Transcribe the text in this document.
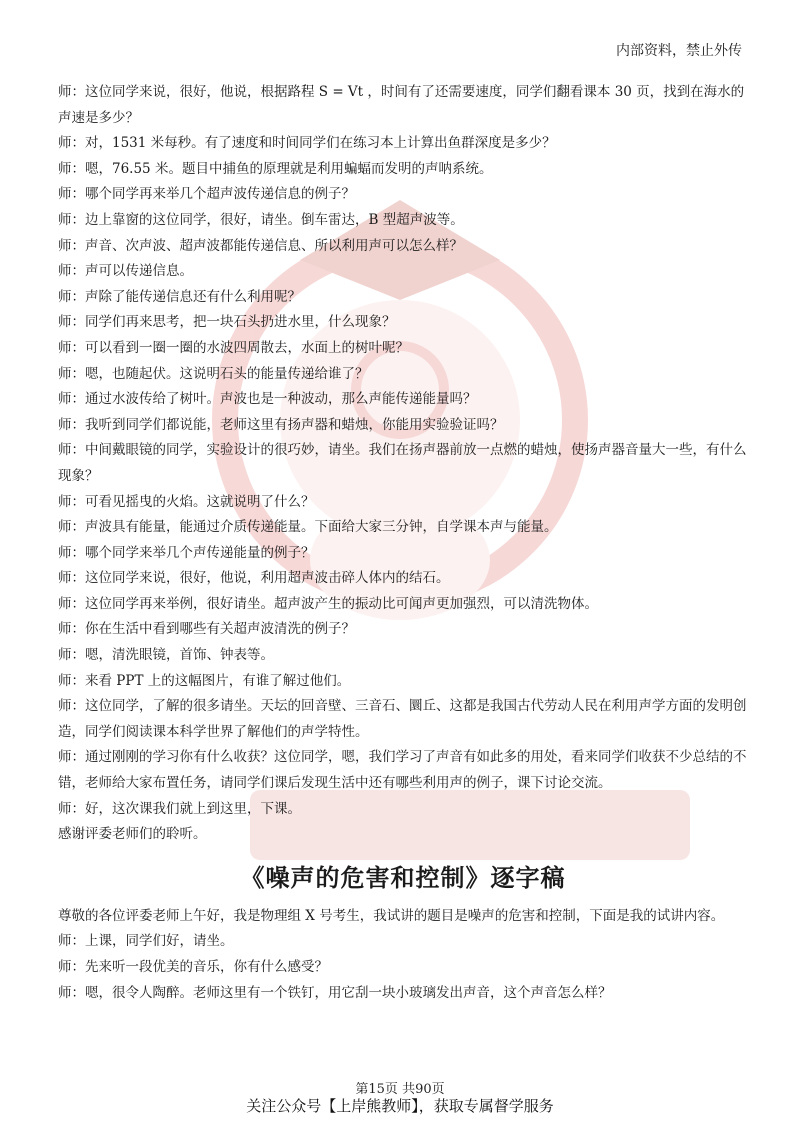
内部资料，禁止外传

师：这位同学来说，很好，他说，根据路程 S = Vt ，时间有了还需要速度，同学们翻看课本 30 页，找到在海水的声速是多少？

师：对，1531 米每秒。有了速度和时间同学们在练习本上计算出鱼群深度是多少？

师：嗯，76.55 米。题目中捕鱼的原理就是利用蝙蝠而发明的声呐系统。

师：哪个同学再来举几个超声波传递信息的例子？

师：边上靠窗的这位同学，很好，请坐。倒车雷达，B 型超声波等。

师：声音、次声波、超声波都能传递信息、所以利用声可以怎么样？

师：声可以传递信息。

师：声除了能传递信息还有什么利用呢？

师：同学们再来思考，把一块石头扔进水里，什么现象？

师：可以看到一圈一圈的水波四周散去，水面上的树叶呢？

师：嗯，也随起伏。这说明石头的能量传递给谁了？

师：通过水波传给了树叶。声波也是一种波动，那么声能传递能量吗？

师：我听到同学们都说能，老师这里有扬声器和蜡烛，你能用实验验证吗？

师：中间戴眼镜的同学，实验设计的很巧妙，请坐。我们在扬声器前放一点燃的蜡烛，使扬声器音量大一些，有什么现象？

师：可看见摇曳的火焰。这就说明了什么？

师：声波具有能量，能通过介质传递能量。下面给大家三分钟，自学课本声与能量。

师：哪个同学来举几个声传递能量的例子？

师：这位同学来说，很好，他说，利用超声波击碎人体内的结石。

师：这位同学再来举例，很好请坐。超声波产生的振动比可闻声更加强烈，可以清洗物体。

师：你在生活中看到哪些有关超声波清洗的例子？

师：嗯，清洗眼镜，首饰、钟表等。

师：来看 PPT 上的这幅图片，有谁了解过他们。

师：这位同学，了解的很多请坐。天坛的回音壁、三音石、圜丘、这都是我国古代劳动人民在利用声学方面的发明创造，同学们阅读课本科学世界了解他们的声学特性。

师：通过刚刚的学习你有什么收获？这位同学，嗯，我们学习了声音有如此多的用处，看来同学们收获不少总结的不错，老师给大家布置任务，请同学们课后发现生活中还有哪些利用声的例子，课下讨论交流。

师：好，这次课我们就上到这里，下课。

感谢评委老师们的聆听。

《噪声的危害和控制》逐字稿

尊敬的各位评委老师上午好，我是物理组 X 号考生，我试讲的题目是噪声的危害和控制，下面是我的试讲内容。

师：上课，同学们好，请坐。

师：先来听一段优美的音乐，你有什么感受？

师：嗯，很令人陶醉。老师这里有一个铁钉，用它刮一块小玻璃发出声音，这个声音怎么样？

第15页 共90页
关注公众号【上岸熊教师】，获取专属督学服务
